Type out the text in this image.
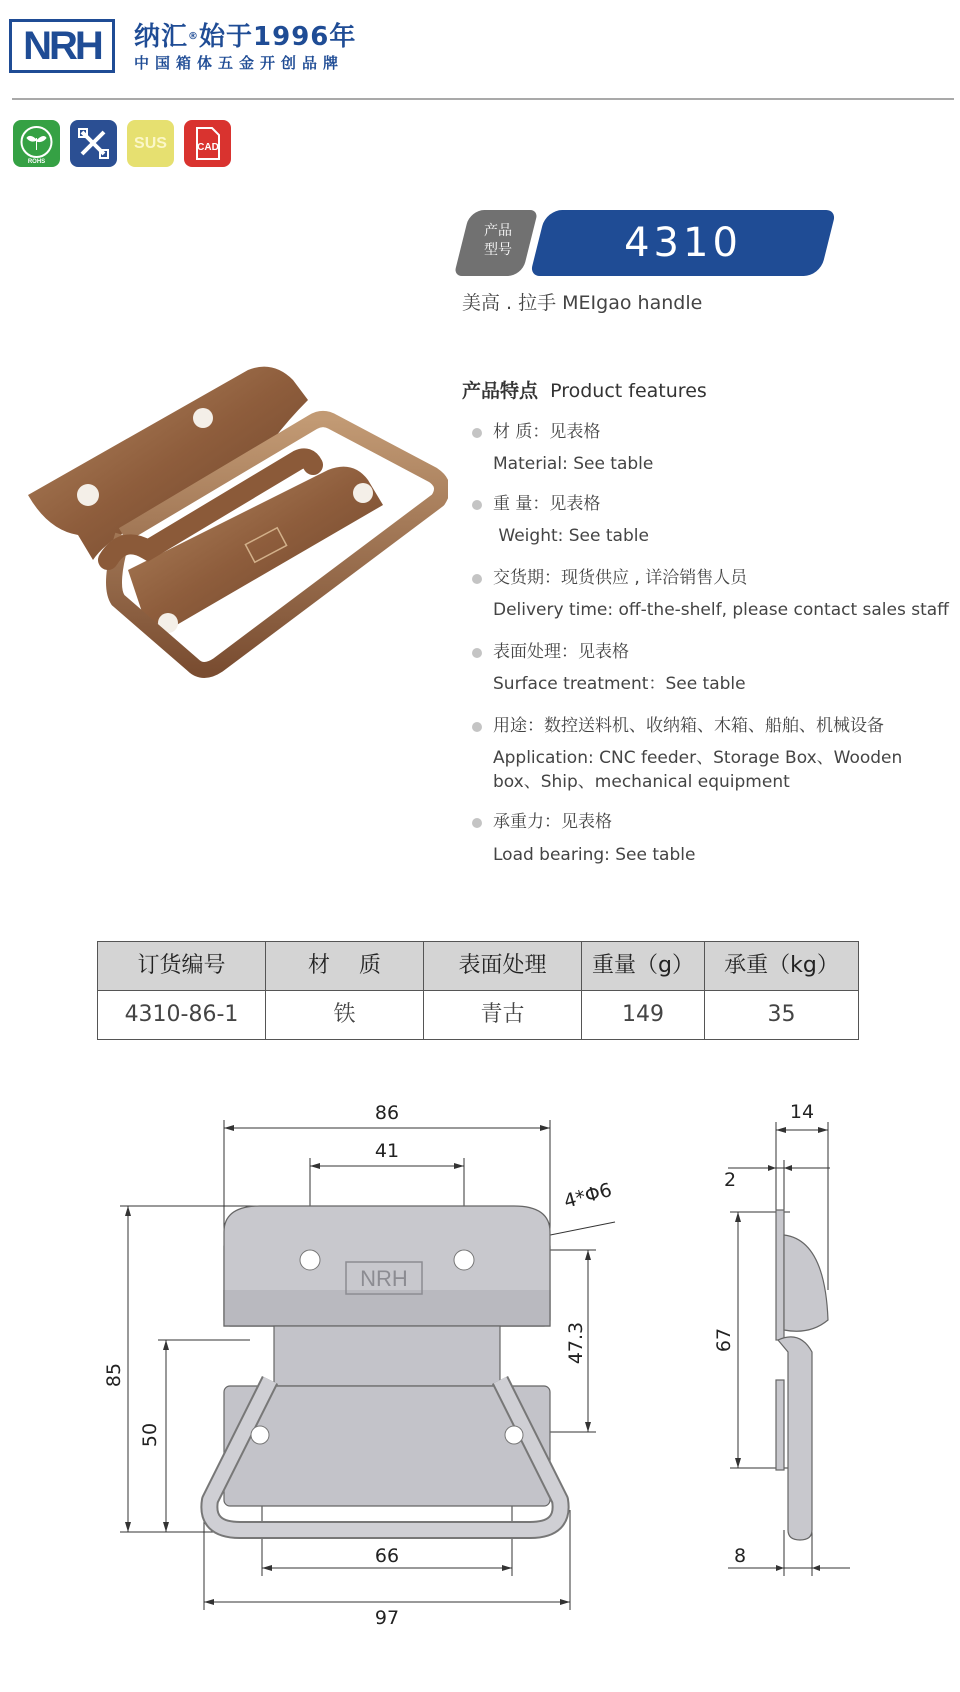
NRH	纳汇®始于1996年
中国箱体五金开创品牌
ROHS
SUS	CAD
产品
型号	4310
美高 . 拉手 MEIgao handle
产品特点 Product features
材 质：见表格
Material: See table
重 量：见表格
Weight: See table
交货期：现货供应 , 详洽销售人员
Delivery time: off-the-shelf, please contact sales staff
表面处理：见表格
Surface treatment：See table
用途：数控送料机、收纳箱、木箱、船舶、机械设备
Application: CNC feeder、Storage Box、Wooden box、Ship、mechanical equipment
承重力：见表格
Load bearing: See table
订货编号	材　 质	表面处理	重量（g）	承重（kg）
4310-86-1	铁	青古	149	35
NRH
86
41
4*Φ6
85
50
47.3
66
97
14
2
67
8
